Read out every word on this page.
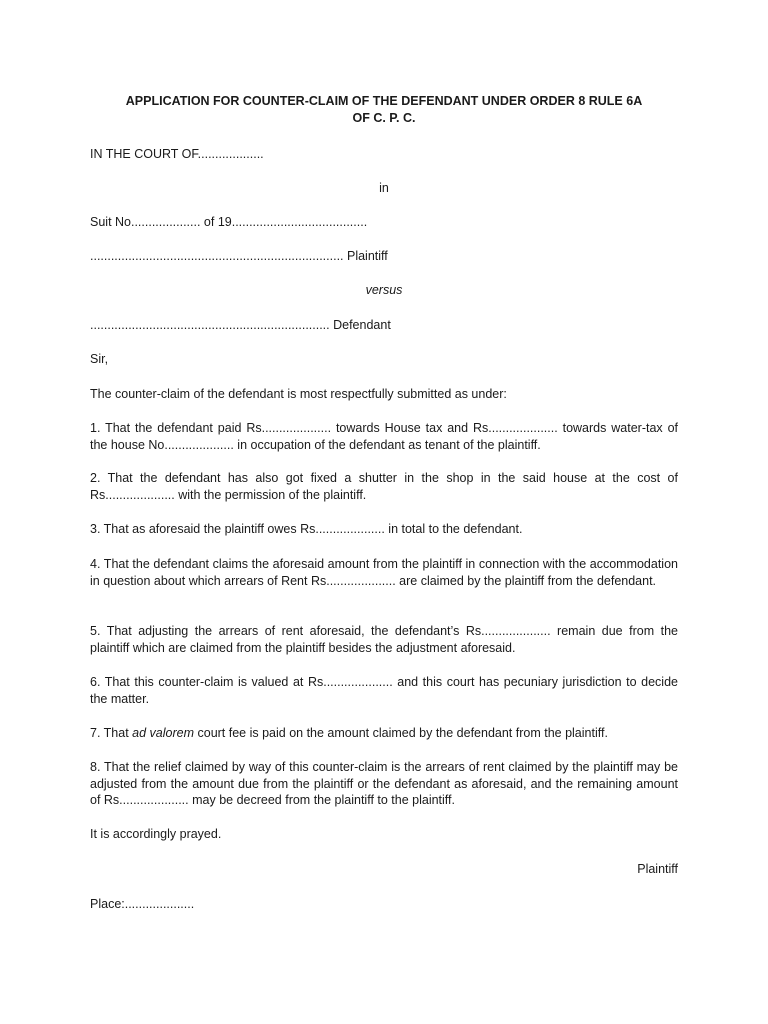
APPLICATION FOR COUNTER-CLAIM OF THE DEFENDANT UNDER ORDER 8 RULE 6A
OF C. P. C.
IN THE COURT OF...................
in
Suit No.................... of 19.......................................
......................................................................... Plaintiff
versus
..................................................................... Defendant
Sir,
The counter-claim of the defendant is most respectfully submitted as under:
1. That the defendant paid Rs.................... towards House tax and Rs.................... towards water-tax of the house No.................... in occupation of the defendant as tenant of the plaintiff.
2. That the defendant has also got fixed a shutter in the shop in the said house at the cost of Rs.................... with the permission of the plaintiff.
3. That as aforesaid the plaintiff owes Rs.................... in total to the defendant.
4. That the defendant claims the aforesaid amount from the plaintiff in connection with the accommodation in question about which arrears of Rent Rs.................... are claimed by the plaintiff from the defendant.
5. That adjusting the arrears of rent aforesaid, the defendant’s Rs.................... remain due from the plaintiff which are claimed from the plaintiff besides the adjustment aforesaid.
6. That this counter-claim is valued at Rs.................... and this court has pecuniary jurisdiction to decide the matter.
7. That ad valorem court fee is paid on the amount claimed by the defendant from the plaintiff.
8. That the relief claimed by way of this counter-claim is the arrears of rent claimed by the plaintiff may be adjusted from the amount due from the plaintiff or the defendant as aforesaid, and the remaining amount of Rs.................... may be decreed from the plaintiff to the plaintiff.
It is accordingly prayed.
Plaintiff
Place:....................
